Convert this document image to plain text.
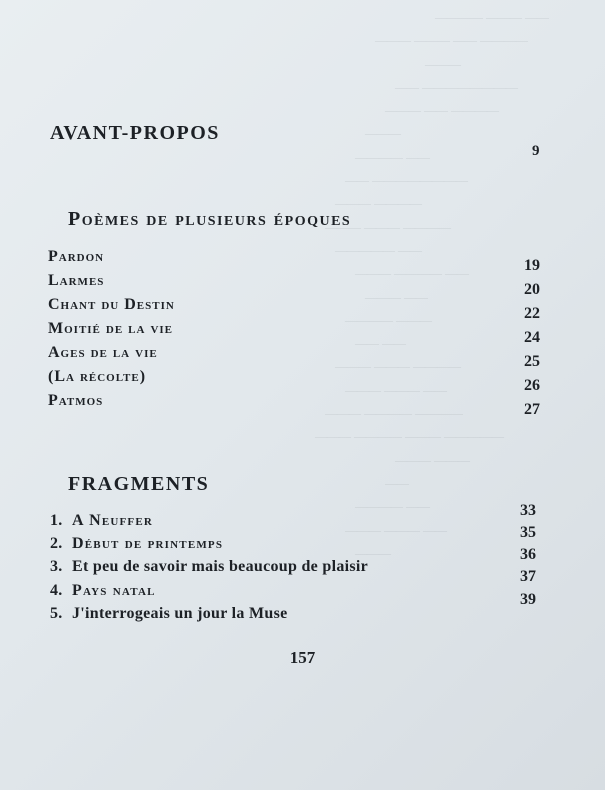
———— ——— ——
——— ——— —— ————
———
—— ————————
——— —— ————
———
———— ——
—— ————————
——— ————
——— ——— ————
————— ——
——— ———— ——
——— ——
———— ———
—— ——
——— ——— ————
——— ——— ——
——— ———— ————
——— ———— ——— —————
——— ———
——
———— ——
——— ——— ——
———
AVANT-PROPOS
9
Poèmes de plusieurs époques
Pardon
Larmes
Chant du Destin
Moitié de la vie
Ages de la vie
(La récolte)
Patmos
19
20
22
24
25
26
27
FRAGMENTS
1. A Neuffer
2. Début de printemps
3. Et peu de savoir mais beaucoup de plaisir
4. Pays natal
5. J'interrogeais un jour la Muse
33
35
36
37
39
157
